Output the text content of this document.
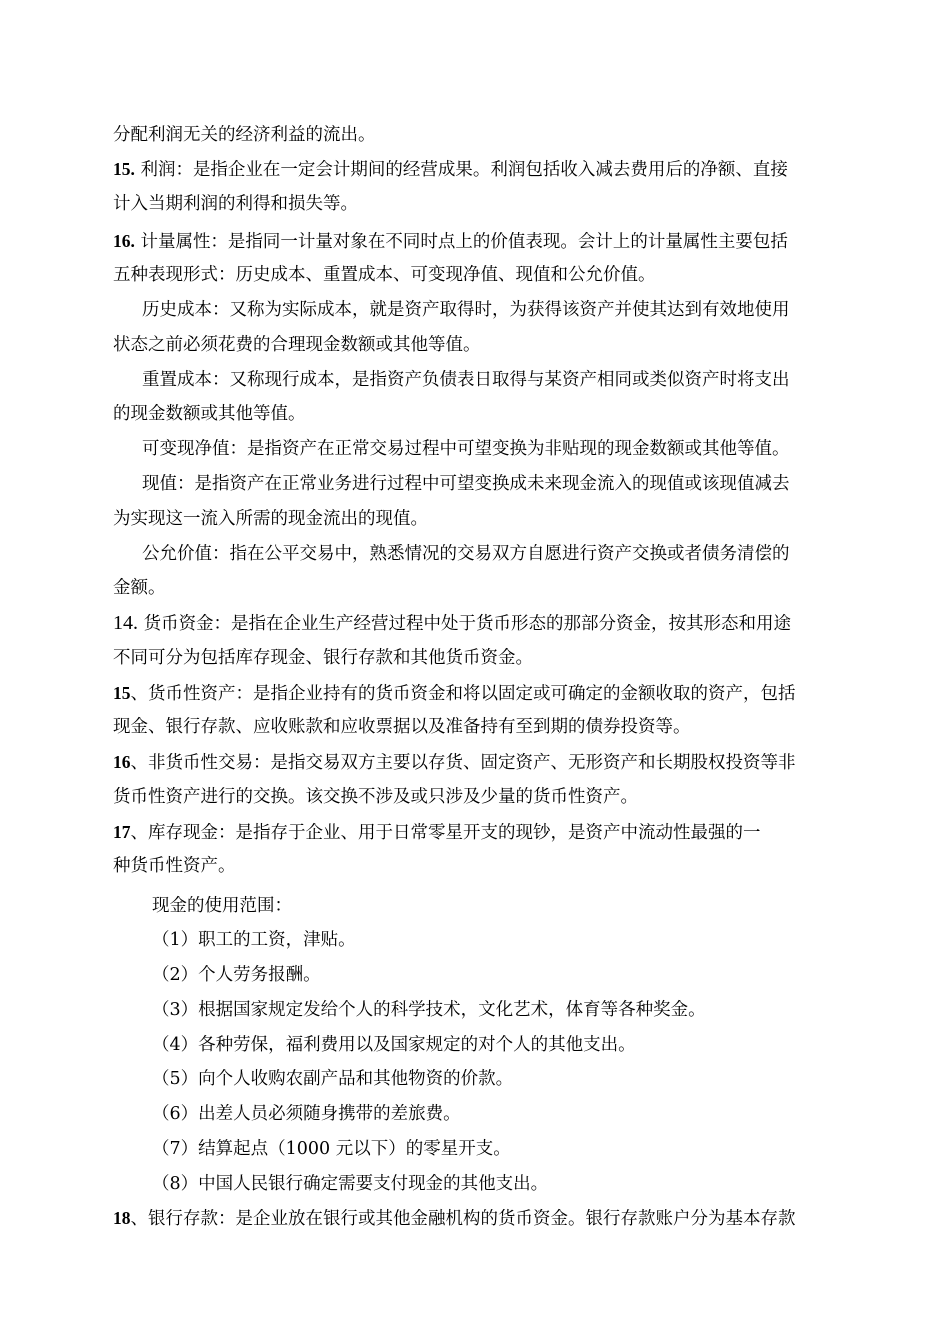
分配利润无关的经济利益的流出。
15. 利润：是指企业在一定会计期间的经营成果。利润包括收入减去费用后的净额、直接
计入当期利润的利得和损失等。
16. 计量属性：是指同一计量对象在不同时点上的价值表现。会计上的计量属性主要包括
五种表现形式：历史成本、重置成本、可变现净值、现值和公允价值。
历史成本：又称为实际成本，就是资产取得时，为获得该资产并使其达到有效地使用
状态之前必须花费的合理现金数额或其他等值。
重置成本：又称现行成本，是指资产负债表日取得与某资产相同或类似资产时将支出
的现金数额或其他等值。
可变现净值：是指资产在正常交易过程中可望变换为非贴现的现金数额或其他等值。
现值：是指资产在正常业务进行过程中可望变换成未来现金流入的现值或该现值减去
为实现这一流入所需的现金流出的现值。
公允价值：指在公平交易中，熟悉情况的交易双方自愿进行资产交换或者债务清偿的
金额。
14. 货币资金：是指在企业生产经营过程中处于货币形态的那部分资金，按其形态和用途
不同可分为包括库存现金、银行存款和其他货币资金。
15、货币性资产：是指企业持有的货币资金和将以固定或可确定的金额收取的资产，包括
现金、银行存款、应收账款和应收票据以及准备持有至到期的债券投资等。
16、非货币性交易：是指交易双方主要以存货、固定资产、无形资产和长期股权投资等非
货币性资产进行的交换。该交换不涉及或只涉及少量的货币性资产。
17、库存现金：是指存于企业、用于日常零星开支的现钞，是资产中流动性最强的一
种货币性资产。
现金的使用范围：
（1）职工的工资，津贴。
（2）个人劳务报酬。
（3）根据国家规定发给个人的科学技术，文化艺术，体育等各种奖金。
（4）各种劳保，福利费用以及国家规定的对个人的其他支出。
（5）向个人收购农副产品和其他物资的价款。
（6）出差人员必须随身携带的差旅费。
（7）结算起点（1000 元以下）的零星开支。
（8）中国人民银行确定需要支付现金的其他支出。
18、银行存款：是企业放在银行或其他金融机构的货币资金。银行存款账户分为基本存款
